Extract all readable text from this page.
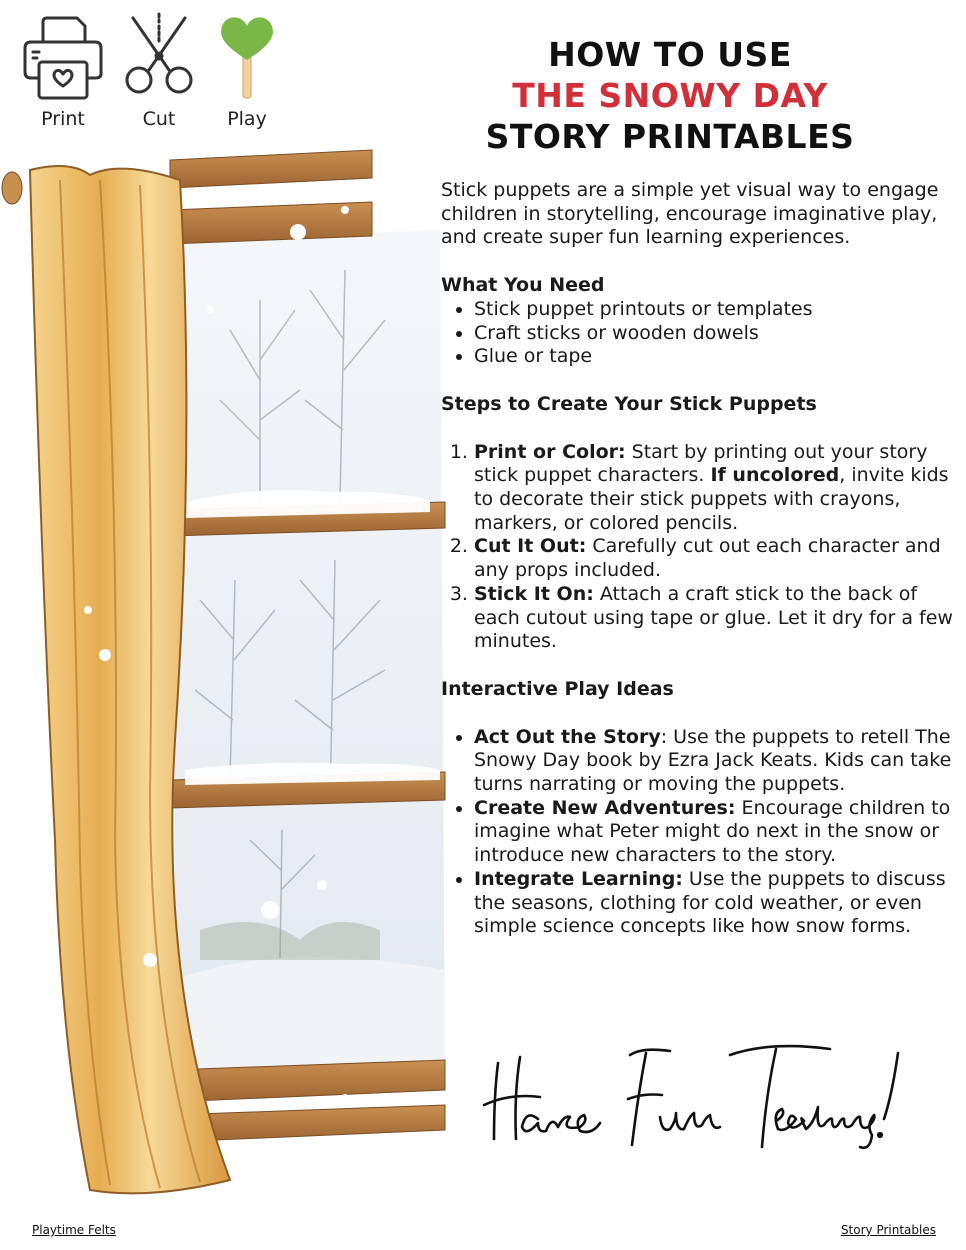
Print	Cut	Play
HOW TO USE
THE SNOWY DAY
STORY PRINTABLES

Stick puppets are a simple yet visual way to engage children in storytelling, encourage imaginative play, and create super fun learning experiences.

What You Need
• Stick puppet printouts or templates
• Craft sticks or wooden dowels
• Glue or tape
Steps to Create Your Stick Puppets
1. Print or Color: Start by printing out your story stick puppet characters. If uncolored, invite kids to decorate their stick puppets with crayons, markers, or colored pencils.
2. Cut It Out: Carefully cut out each character and any props included.
3. Stick It On: Attach a craft stick to the back of each cutout using tape or glue. Let it dry for a few minutes.
Interactive Play Ideas
• Act Out the Story: Use the puppets to retell The Snowy Day book by Ezra Jack Keats. Kids can take turns narrating or moving the puppets.
• Create New Adventures: Encourage children to imagine what Peter might do next in the snow or introduce new characters to the story.
• Integrate Learning: Use the puppets to discuss the seasons, clothing for cold weather, or even simple science concepts like how snow forms.
Playtime Felts	Story Printables
